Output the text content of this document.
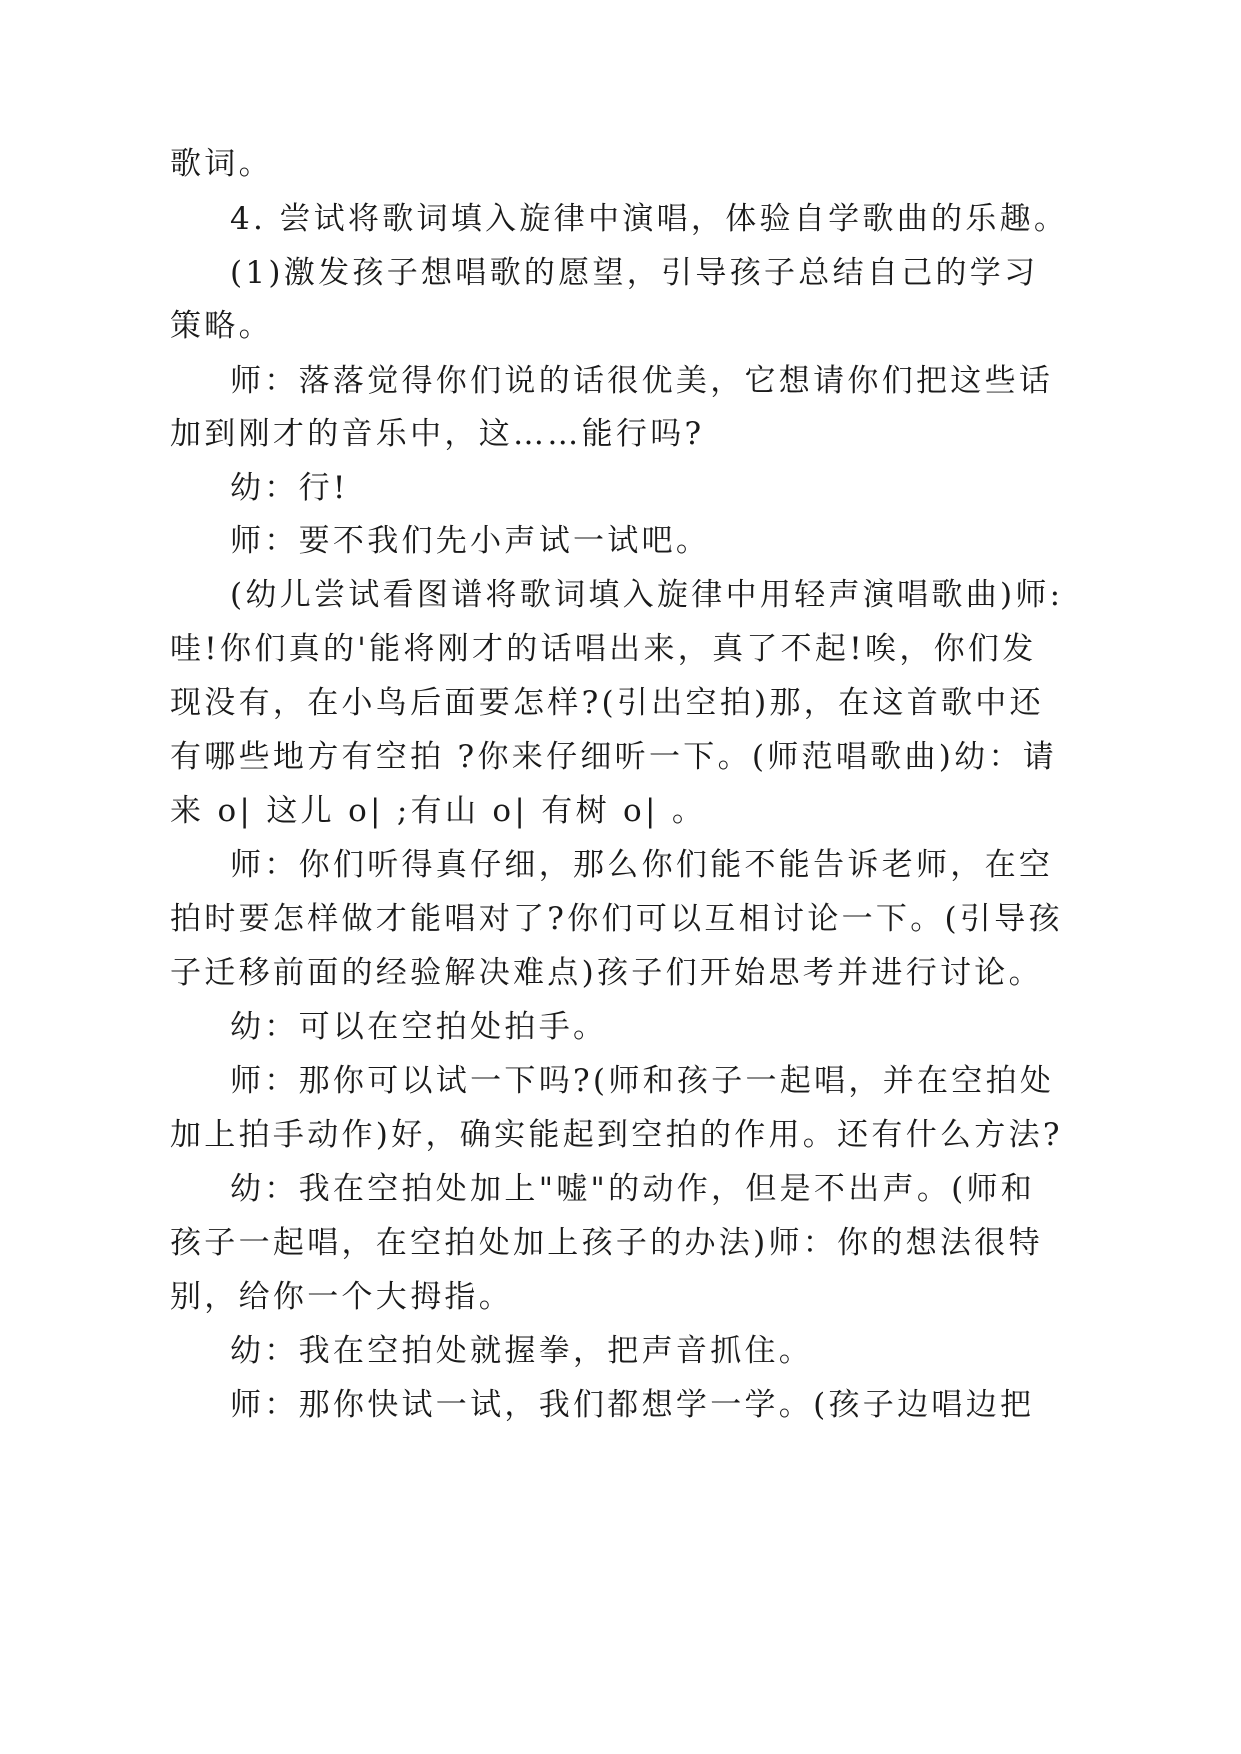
歌词。
4. 尝试将歌词填入旋律中演唱，体验自学歌曲的乐趣。
(1)激发孩子想唱歌的愿望，引导孩子总结自己的学习
策略。
师：落落觉得你们说的话很优美，它想请你们把这些话
加到刚才的音乐中，这……能行吗?
幼：行!
师：要不我们先小声试一试吧。
(幼儿尝试看图谱将歌词填入旋律中用轻声演唱歌曲)师:
哇!你们真的'能将刚才的话唱出来，真了不起!唉，你们发
现没有，在小鸟后面要怎样?(引出空拍)那，在这首歌中还
有哪些地方有空拍 ?你来仔细听一下。(师范唱歌曲)幼：请
来 o| 这儿 o| ;有山 o| 有树 o| 。
师：你们听得真仔细，那么你们能不能告诉老师，在空
拍时要怎样做才能唱对了?你们可以互相讨论一下。(引导孩
子迁移前面的经验解决难点)孩子们开始思考并进行讨论。
幼：可以在空拍处拍手。
师：那你可以试一下吗?(师和孩子一起唱，并在空拍处
加上拍手动作)好，确实能起到空拍的作用。还有什么方法?
幼：我在空拍处加上"嘘"的动作，但是不出声。(师和
孩子一起唱，在空拍处加上孩子的办法)师：你的想法很特
别，给你一个大拇指。
幼：我在空拍处就握拳，把声音抓住。
师：那你快试一试，我们都想学一学。(孩子边唱边把
